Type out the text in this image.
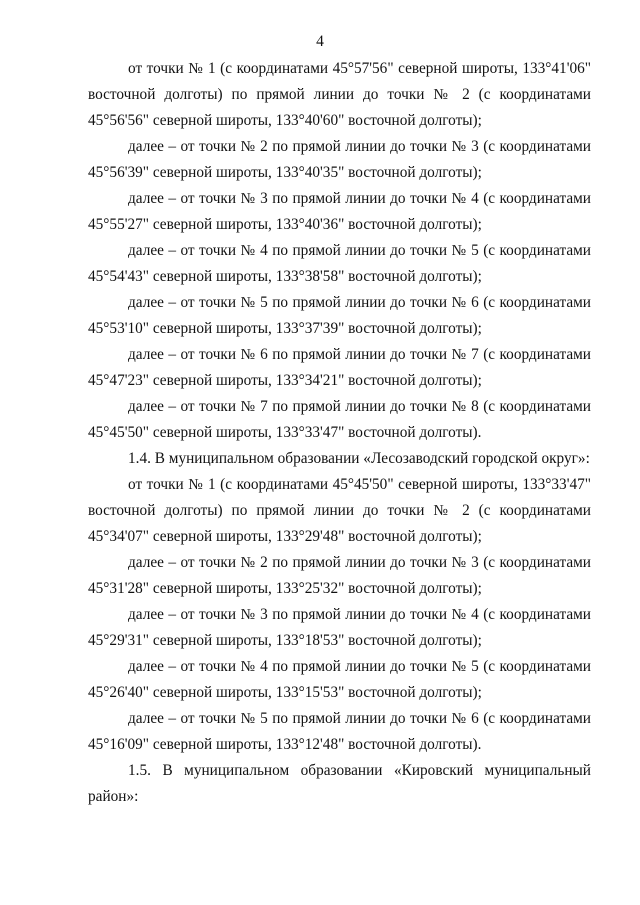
4

от точки № 1 (с координатами 45°57'56" северной широты, 133°41'06" восточной долготы) по прямой линии до точки № 2 (с координатами 45°56'56" северной широты, 133°40'60" восточной долготы);

далее – от точки № 2 по прямой линии до точки № 3 (с координатами 45°56'39" северной широты, 133°40'35" восточной долготы);

далее – от точки № 3 по прямой линии до точки № 4 (с координатами 45°55'27" северной широты, 133°40'36" восточной долготы);

далее – от точки № 4 по прямой линии до точки № 5 (с координатами 45°54'43" северной широты, 133°38'58" восточной долготы);

далее – от точки № 5 по прямой линии до точки № 6 (с координатами 45°53'10" северной широты, 133°37'39" восточной долготы);

далее – от точки № 6 по прямой линии до точки № 7 (с координатами 45°47'23" северной широты, 133°34'21" восточной долготы);

далее – от точки № 7 по прямой линии до точки № 8 (с координатами 45°45'50" северной широты, 133°33'47" восточной долготы).

1.4. В муниципальном образовании «Лесозаводский городской округ»:

от точки № 1 (с координатами 45°45'50" северной широты, 133°33'47" восточной долготы) по прямой линии до точки № 2 (с координатами 45°34'07" северной широты, 133°29'48" восточной долготы);

далее – от точки № 2 по прямой линии до точки № 3 (с координатами 45°31'28" северной широты, 133°25'32" восточной долготы);

далее – от точки № 3 по прямой линии до точки № 4 (с координатами 45°29'31" северной широты, 133°18'53" восточной долготы);

далее – от точки № 4 по прямой линии до точки № 5 (с координатами 45°26'40" северной широты, 133°15'53" восточной долготы);

далее – от точки № 5 по прямой линии до точки № 6 (с координатами 45°16'09" северной широты, 133°12'48" восточной долготы).

1.5. В муниципальном образовании «Кировский муниципальный район»:
